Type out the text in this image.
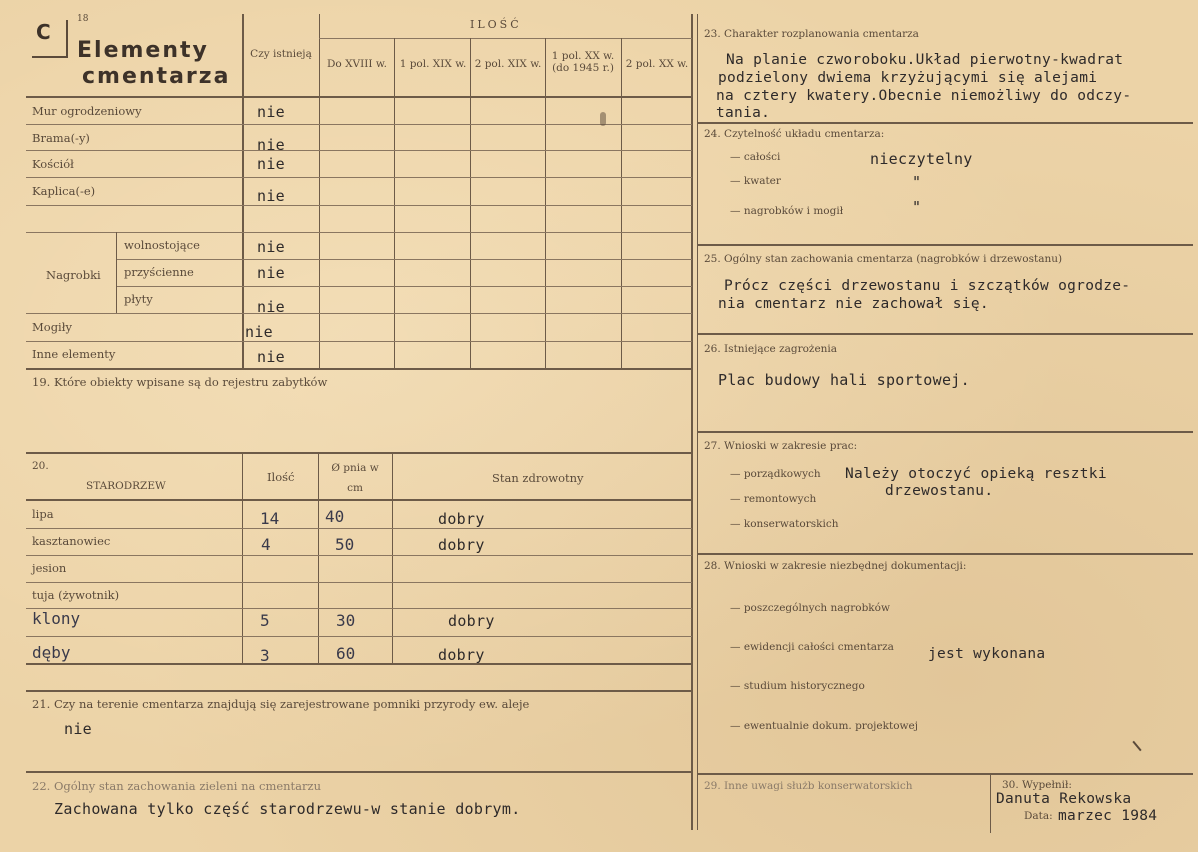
C
18
Elementy
cmentarza
Czy istnieją
ILOŚĆ
Do XVIII w.	1 pol. XIX w. 2 pol. XIX w.
1 pol. XX w. (do 1945 r.)	2 pol. XX w.
Mur ogrodzeniowy	nie
Brama(-y)	nie
Kościół	nie
Kaplica(-e)	nie
Nagrobki
wolnostojące	nie
przyścienne	nie
płyty	nie
Mogiły	nie
Inne elementy	nie
19. Które obiekty wpisane są do rejestru zabytków
20.
STARODRZEW
Ilość
Ø pnia w cm
Stan zdrowotny
lipa	14	40	dobry
kasztanowiec	4	50	dobry
jesion
tuja (żywotnik)
klony	5	30	dobry
dęby	3	60	dobry
21. Czy na terenie cmentarza znajdują się zarejestrowane pomniki przyrody ew. aleje
nie
22. Ogólny stan zachowania zieleni na cmentarzu
Zachowana tylko część starodrzewu-w stanie dobrym.
23. Charakter rozplanowania cmentarza
Na planie czworoboku.Układ pierwotny-kwadrat
podzielony dwiema krzyżującymi się alejami
na cztery kwatery.Obecnie niemożliwy do odczy-
tania.
24. Czytelność układu cmentarza:
— całości	nieczytelny
— kwater	"
— nagrobków i mogił	"
25. Ogólny stan zachowania cmentarza (nagrobków i drzewostanu)
Prócz części drzewostanu i szczątków ogrodze-
nia cmentarz nie zachował się.
26. Istniejące zagrożenia
Plac budowy hali sportowej.
27. Wnioski w zakresie prac:
— porządkowych
— remontowych
— konserwatorskich
Należy otoczyć opieką resztki
drzewostanu.
28. Wnioski w zakresie niezbędnej dokumentacji:
— poszczególnych nagrobków
— ewidencji całości cmentarza
— studium historycznego
— ewentualnie dokum. projektowej
jest wykonana
29. Inne uwagi służb konserwatorskich	30. Wypełnił:
Danuta Rekowska
Data: marzec 1984
